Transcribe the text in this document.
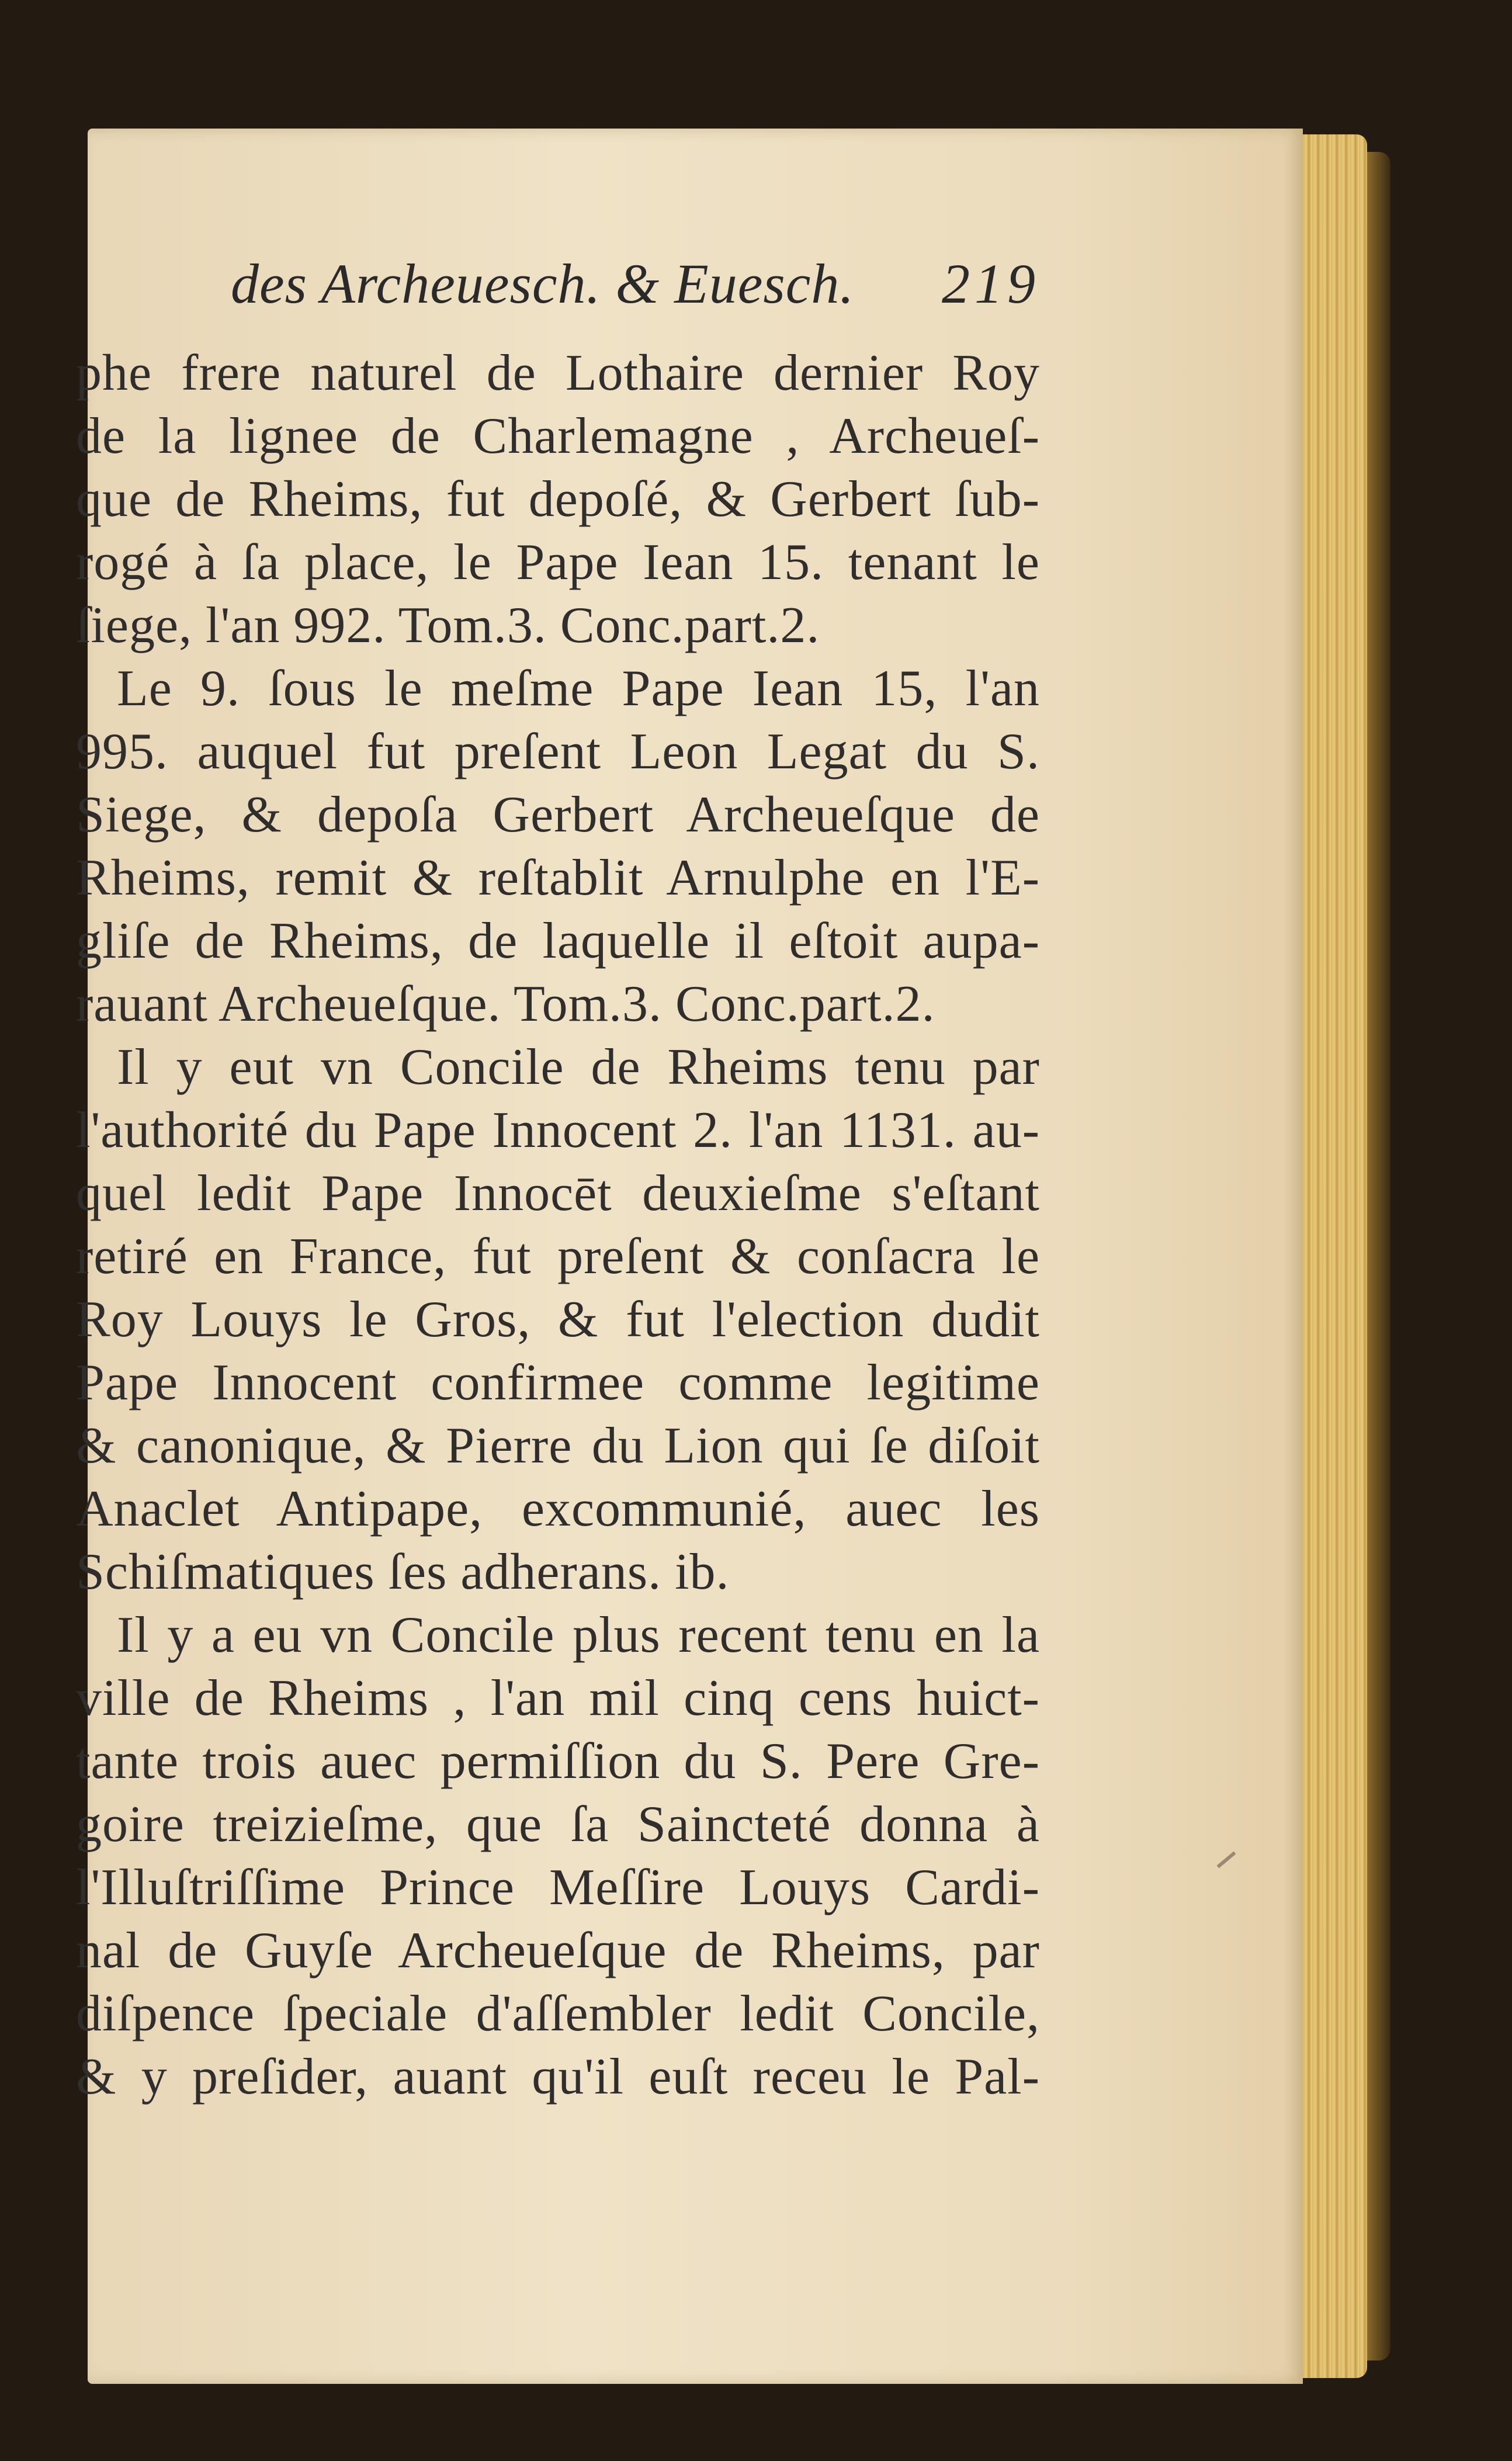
des Archeuesch. & Euesch. 219
phe frere naturel de Lothaire dernier Roy
de la lignee de Charlemagne , Archeueſ-
que de Rheims, fut depoſé, & Gerbert ſub-
rogé à ſa place, le Pape Iean 15. tenant le
ſiege, l'an 992. Tom.3. Conc.part.2.
Le 9. ſous le meſme Pape Iean 15, l'an
995. auquel fut preſent Leon Legat du S.
Siege, & depoſa Gerbert Archeueſque de
Rheims, remit & reſtablit Arnulphe en l'E-
gliſe de Rheims, de laquelle il eſtoit aupa-
rauant Archeueſque. Tom.3. Conc.part.2.
Il y eut vn Concile de Rheims tenu par
l'authorité du Pape Innocent 2. l'an 1131. au-
quel ledit Pape Innocēt deuxieſme s'eſtant
retiré en France, fut preſent & conſacra le
Roy Louys le Gros, & fut l'election dudit
Pape Innocent confirmee comme legitime
& canonique, & Pierre du Lion qui ſe diſoit
Anaclet Antipape, excommunié, auec les
Schiſmatiques ſes adherans. ib.
Il y a eu vn Concile plus recent tenu en la
ville de Rheims , l'an mil cinq cens huict-
tante trois auec permiſſion du S. Pere Gre-
goire treizieſme, que ſa Saincteté donna à
l'Illuſtriſſime Prince Meſſire Louys Cardi-
nal de Guyſe Archeueſque de Rheims, par
diſpence ſpeciale d'aſſembler ledit Concile,
& y preſider, auant qu'il euſt receu le Pal-
